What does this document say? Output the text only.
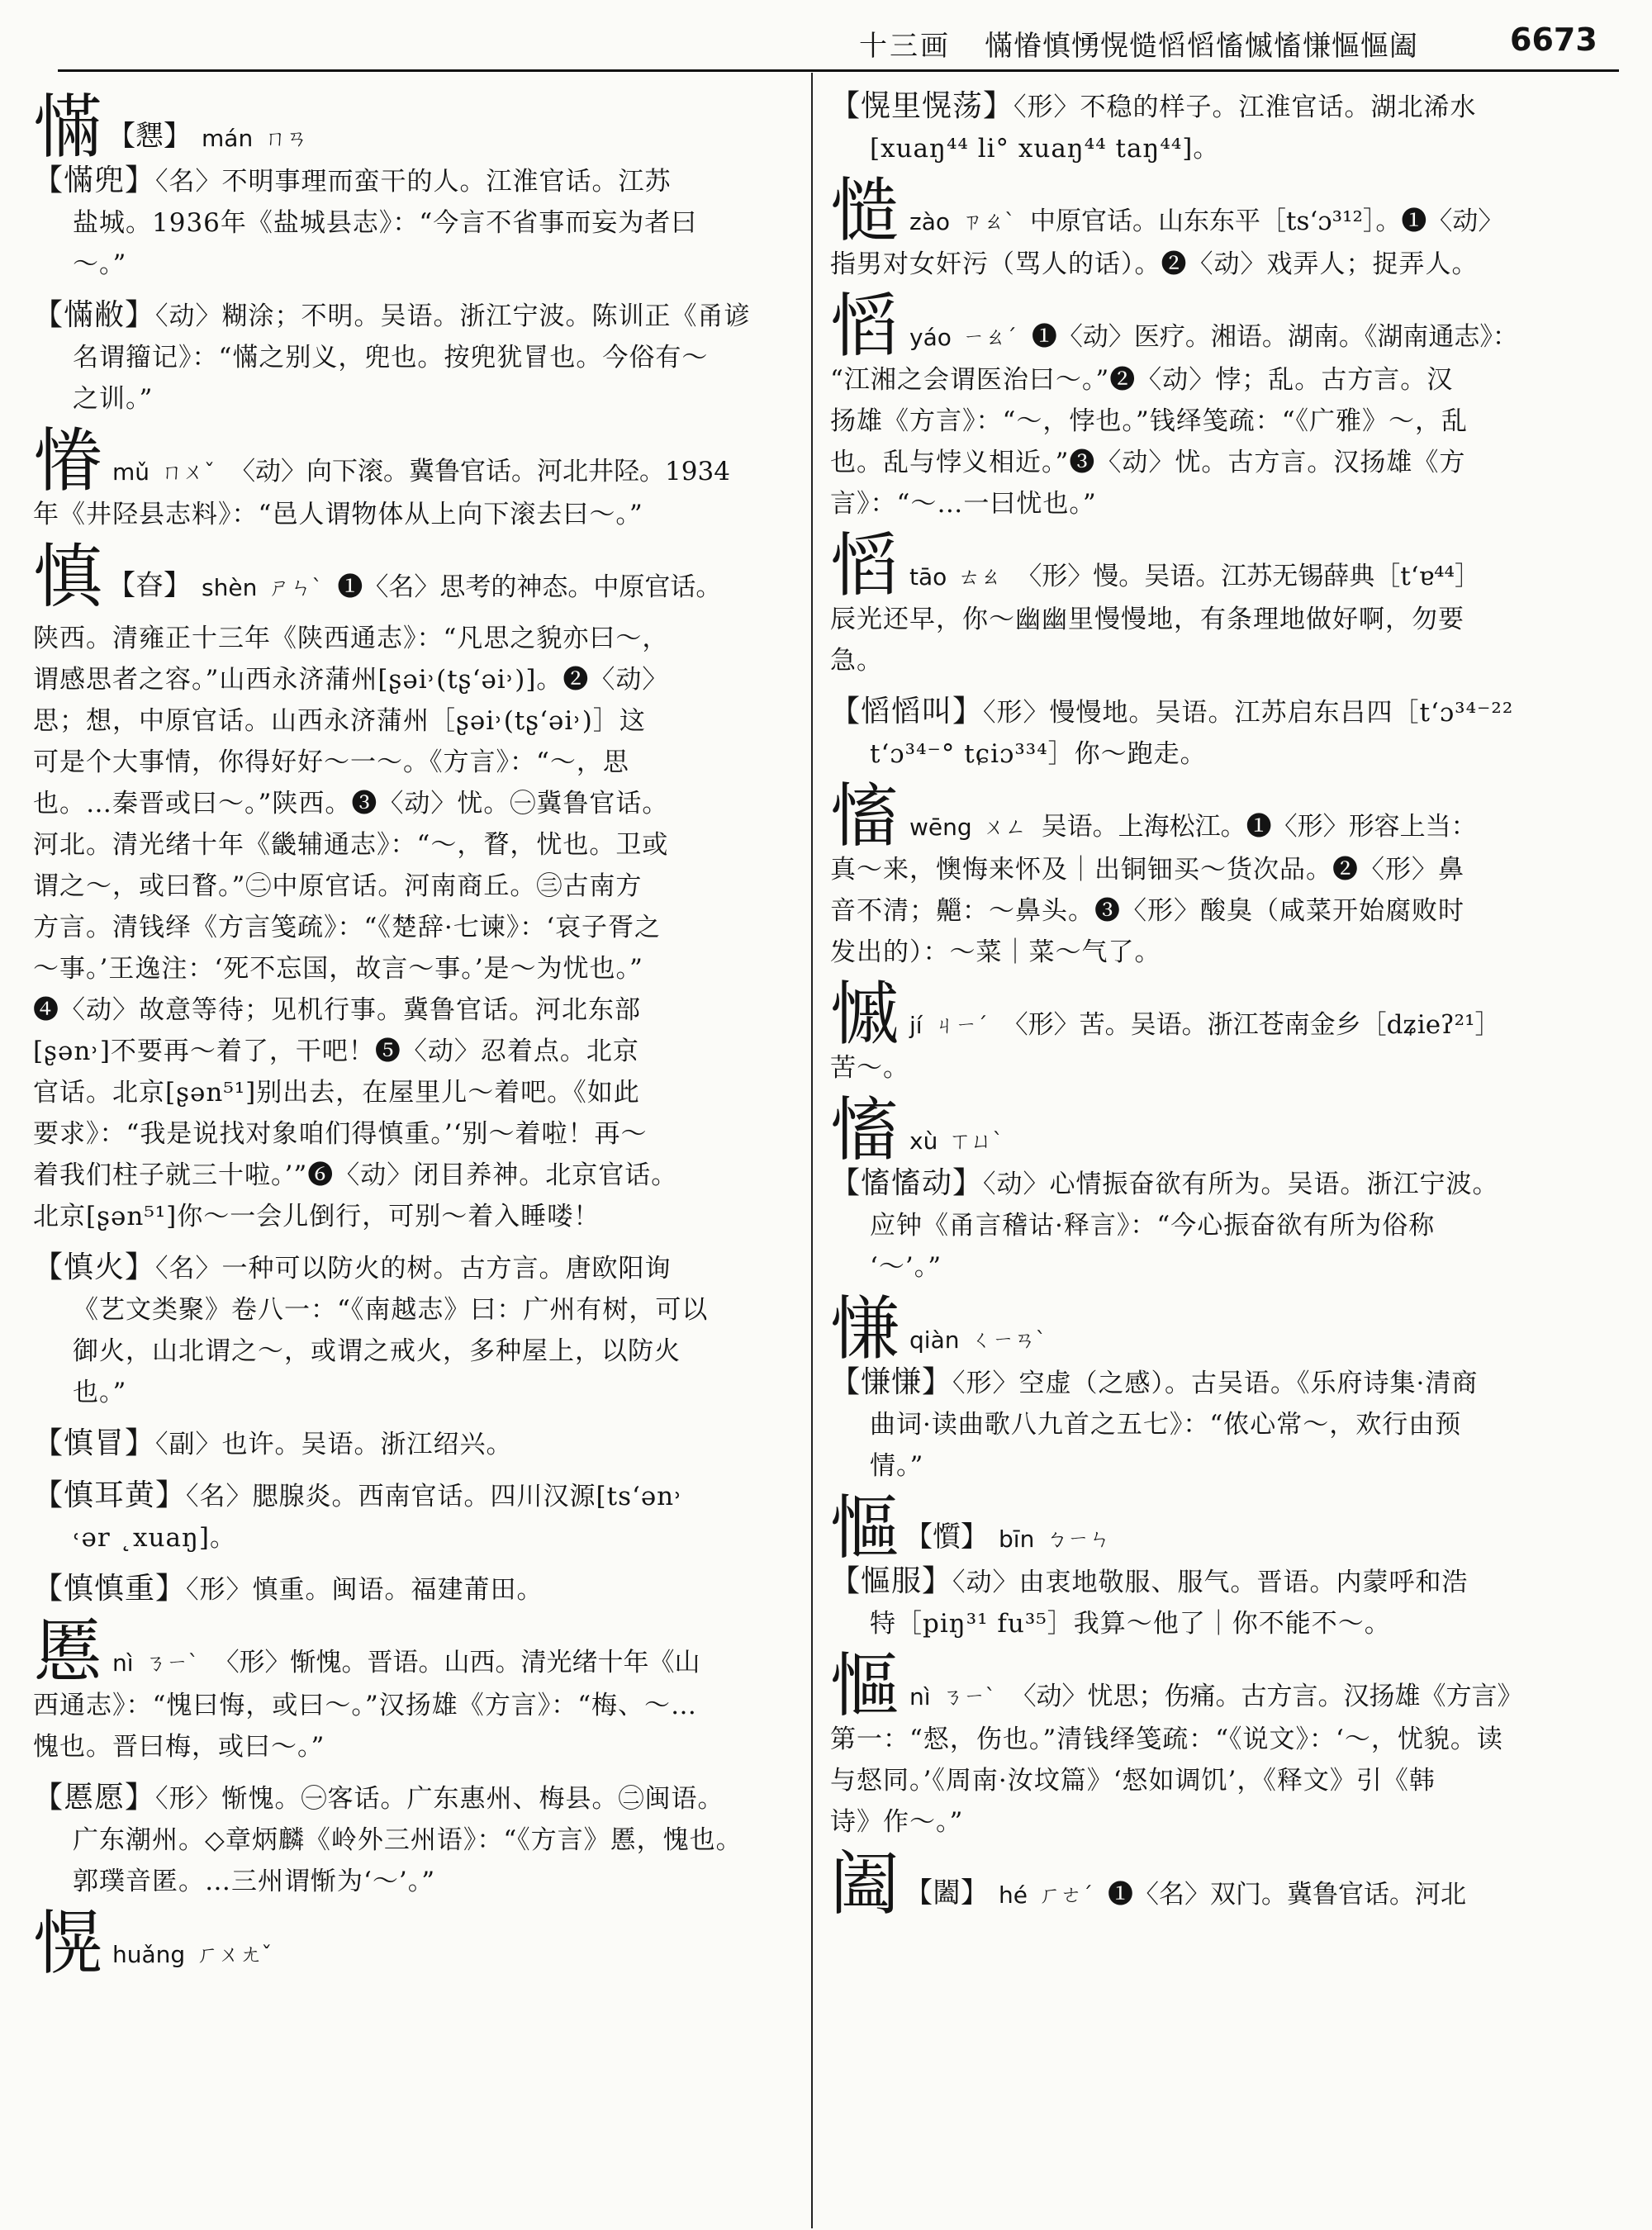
十三画 慲慻慎愑愰慥慆慆慉慽慉慊慪慪阖	6673
慲 【㦟】 mán ㄇㄢ
【慲兜】〈名〉不明事理而蛮干的人。江淮官话。江苏
盐城。1936年《盐城县志》：“今言不省事而妄为者曰
～。”
【慲敝】〈动〉糊涂；不明。吴语。浙江宁波。陈训正《甬谚
名谓籀记》：“慲之别义，兜也。按兜犹冒也。今俗有～
之训。”
慻 mǔ ㄇㄨˇ 〈动〉向下滚。冀鲁官话。河北井陉。1934
年《井陉县志料》：“邑人谓物体从上向下滚去曰～。”
慎 【昚】 shèn ㄕㄣˋ ❶〈名〉思考的神态。中原官话。
陕西。清雍正十三年《陕西通志》：“凡思之貌亦曰～，
谓感思者之容。”山西永济蒲州[ʂəi˒(tʂʻəi˒)]。❷〈动〉
思；想，中原官话。山西永济蒲州［ʂəi˒(tʂʻəi˒)］这
可是个大事情，你得好好～一～。《方言》：“～，思
也。…秦晋或曰～。”陕西。❸〈动〉忧。㊀冀鲁官话。
河北。清光绪十年《畿辅通志》：“～，瞀，忧也。卫或
谓之～，或曰瞀。”㊁中原官话。河南商丘。㊂古南方
方言。清钱绎《方言笺疏》：“《楚辞·七谏》：‘哀子胥之
～事。’王逸注：‘死不忘国，故言～事。’是～为忧也。”
❹〈动〉故意等待；见机行事。冀鲁官话。河北东部
[ʂən˒]不要再～着了，干吧！❺〈动〉忍着点。北京
官话。北京[ʂən⁵¹]别出去，在屋里儿～着吧。《如此
要求》：“我是说找对象咱们得慎重。’‘别～着啦！再～
着我们柱子就三十啦。’”❻〈动〉闭目养神。北京官话。
北京[ʂən⁵¹]你～一会儿倒行，可别～着入睡喽！
【慎火】〈名〉一种可以防火的树。古方言。唐欧阳询
《艺文类聚》卷八一：“《南越志》曰：广州有树，可以
御火，山北谓之～，或谓之戒火，多种屋上，以防火
也。”
【慎冒】〈副〉也许。吴语。浙江绍兴。
【慎耳黄】〈名〉腮腺炎。西南官话。四川汉源[tsʻən˒
˓ər ˛xuaŋ]。
【慎慎重】〈形〉慎重。闽语。福建莆田。
慝 nì ㄋㄧˋ 〈形〉惭愧。晋语。山西。清光绪十年《山
西通志》：“愧曰悔，或曰～。”汉扬雄《方言》：“梅、～…
愧也。晋曰梅，或曰～。”
【慝愿】〈形〉惭愧。㊀客话。广东惠州、梅县。㊁闽语。
广东潮州。◇章炳麟《岭外三州语》：“《方言》慝，愧也。
郭璞音匿。…三州谓惭为‘～’。”
愰 huǎng ㄏㄨㄤˇ
【愰里愰荡】〈形〉不稳的样子。江淮官话。湖北浠水
[xuaŋ⁴⁴ li° xuaŋ⁴⁴ taŋ⁴⁴]。
慥 zào ㄗㄠˋ 中原官话。山东东平［tsʻɔ³¹²］。❶〈动〉
指男对女奸污（骂人的话）。❷〈动〉戏弄人；捉弄人。
慆 yáo ㄧㄠˊ ❶〈动〉医疗。湘语。湖南。《湖南通志》：
“江湘之会谓医治曰～。”❷〈动〉悖；乱。古方言。汉
扬雄《方言》：“～，悖也。”钱绎笺疏：“《广雅》～，乱
也。乱与悖义相近。”❸〈动〉忧。古方言。汉扬雄《方
言》：“～…一曰忧也。”
慆 tāo ㄊㄠ 〈形〉慢。吴语。江苏无锡薛典［tʻɐ⁴⁴］
辰光还早，你～幽幽里慢慢地，有条理地做好啊，勿要
急。
【慆慆叫】〈形〉慢慢地。吴语。江苏启东吕四［tʻɔ³⁴⁻²²
tʻɔ³⁴⁻° tɕiɔ³³⁴］你～跑走。
慉 wēng ㄨㄥ 吴语。上海松江。❶〈形〉形容上当：
真～来，懊悔来怀及｜出铜钿买～货次品。❷〈形〉鼻
音不清；齆：～鼻头。❸〈形〉酸臭（咸菜开始腐败时
发出的）：～菜｜菜～气了。
慽 jí ㄐㄧˊ 〈形〉苦。吴语。浙江苍南金乡［dʑieʔ²¹］
苦～。
慉 xù ㄒㄩˋ
【慉慉动】〈动〉心情振奋欲有所为。吴语。浙江宁波。
应钟《甬言稽诂·释言》：“今心振奋欲有所为俗称
‘～’。”
慊 qiàn ㄑㄧㄢˋ
【慊慊】〈形〉空虚（之感）。古吴语。《乐府诗集·清商
曲词·读曲歌八九首之五七》：“侬心常～，欢行由预
情。”
慪 【懫】 bīn ㄅㄧㄣ
【慪服】〈动〉由衷地敬服、服气。晋语。内蒙呼和浩
特［piŋ³¹ fu³⁵］我算～他了｜你不能不～。
慪 nì ㄋㄧˋ 〈动〉忧思；伤痛。古方言。汉扬雄《方言》
第一：“惄，伤也。”清钱绎笺疏：“《说文》：‘～，忧貌。读
与惄同。’《周南·汝坟篇》‘惄如调饥’，《释文》引《韩
诗》作～。”
阖 【闔】 hé ㄏㄜˊ ❶〈名〉双门。冀鲁官话。河北
